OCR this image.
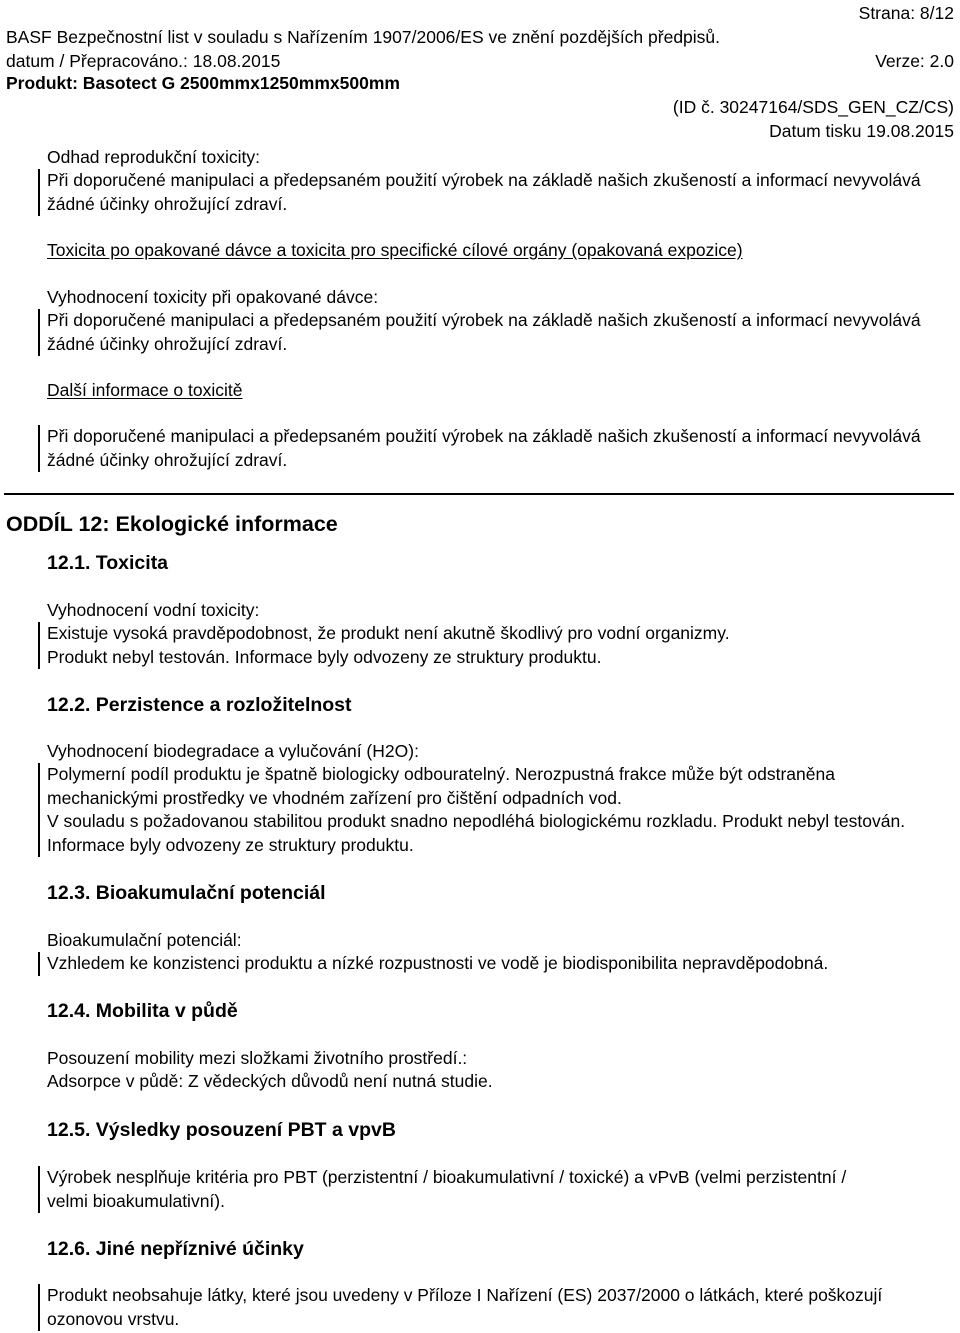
Strana: 8/12
BASF Bezpečnostní list v souladu s Nařízením 1907/2006/ES ve znění pozdějších předpisů.
datum / Přepracováno.: 18.08.2015	Verze: 2.0
Produkt: Basotect G 2500mmx1250mmx500mm
(ID č. 30247164/SDS_GEN_CZ/CS)
Datum tisku 19.08.2015
Odhad reprodukční toxicity:
Při doporučené manipulaci a předepsaném použití výrobek na základě našich zkušeností a informací nevyvolává žádné účinky ohrožující zdraví.
Toxicita po opakované dávce a toxicita pro specifické cílové orgány (opakovaná expozice)
Vyhodnocení toxicity při opakované dávce:
Při doporučené manipulaci a předepsaném použití výrobek na základě našich zkušeností a informací nevyvolává žádné účinky ohrožující zdraví.
Další informace o toxicitě
Při doporučené manipulaci a předepsaném použití výrobek na základě našich zkušeností a informací nevyvolává žádné účinky ohrožující zdraví.
ODDÍL 12: Ekologické informace
12.1. Toxicita
Vyhodnocení vodní toxicity:
Existuje vysoká pravděpodobnost, že produkt není akutně škodlivý pro vodní organizmy.
Produkt nebyl testován. Informace byly odvozeny ze struktury produktu.
12.2. Perzistence a rozložitelnost
Vyhodnocení biodegradace a vylučování (H2O):
Polymerní podíl produktu je špatně biologicky odbouratelný. Nerozpustná frakce může být odstraněna mechanickými prostředky ve vhodném zařízení pro čištění odpadních vod.
V souladu s požadovanou stabilitou produkt snadno nepodléhá biologickému rozkladu. Produkt nebyl testován. Informace byly odvozeny ze struktury produktu.
12.3. Bioakumulační potenciál
Bioakumulační potenciál:
Vzhledem ke konzistenci produktu a nízké rozpustnosti ve vodě je biodisponibilita nepravděpodobná.
12.4. Mobilita v půdě
Posouzení mobility mezi složkami životního prostředí.:
Adsorpce v půdě: Z vědeckých důvodů není nutná studie.
12.5. Výsledky posouzení PBT a vpvB
Výrobek nesplňuje kritéria pro PBT (perzistentní / bioakumulativní / toxické) a vPvB (velmi perzistentní / velmi bioakumulativní).
12.6. Jiné nepříznivé účinky
Produkt neobsahuje látky, které jsou uvedeny v Příloze I Nařízení (ES) 2037/2000 o látkách, které poškozují ozonovou vrstvu.
